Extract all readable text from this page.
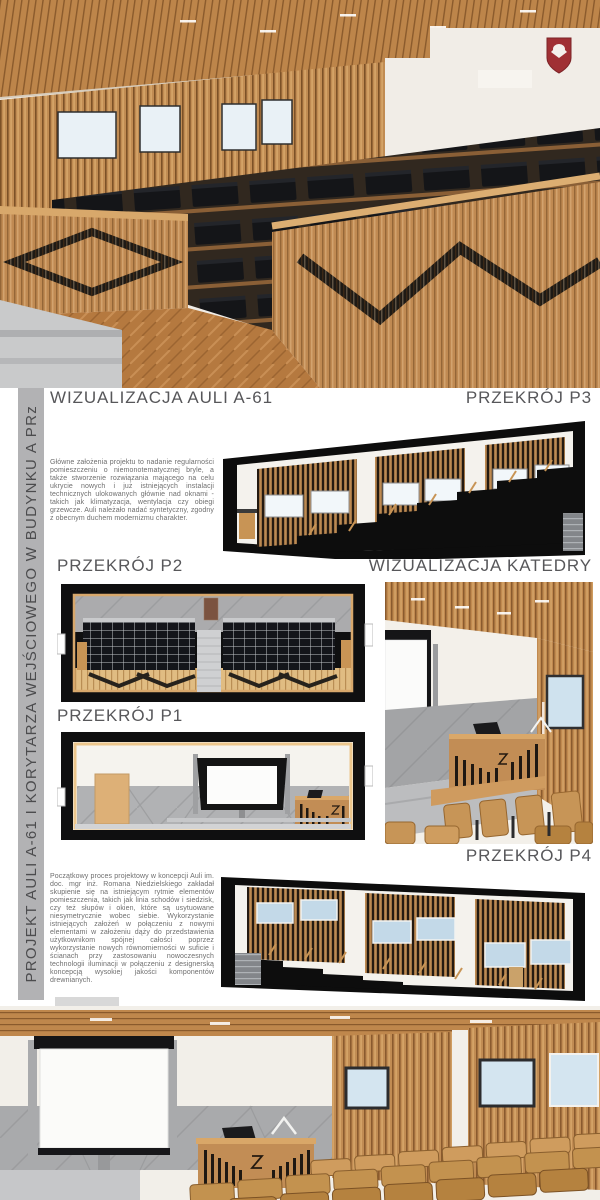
PROJEKT AULI A-61 I KORYTARZA WEJŚCIOWEGO W BUDYNKU A PRz
WIZUALIZACJA AULI A-61	PRZEKRÓJ P3

Główne założenia projektu to nadanie regularności pomieszczeniu o niemonotematycznej bryle, a także stworzenie rozwiązania mającego na celu ukrycie nowych i już istniejących instalacji technicznych ulokowanych głównie nad oknami - takich jak klimatyzacja, wentylacja czy obiegi grzewcze. Auli należało nadać syntetyczny, zgodny z obecnym duchem modernizmu charakter.

PRZEKRÓJ P2	WIZUALIZACJA KATEDRY
PRZEKRÓJ P1

Początkowy proces projektowy w koncepcji Auli im. doc. mgr inż. Romana Niedzielskiego zakładał skupienie się na istniejącym rytmie elementów pomieszczenia, takich jak linia schodów i siedzisk, czy też słupów i okien, które są usytuowane niesymetrycznie wobec siebie. Wykorzystanie istniejących założeń w połączeniu z nowymi elementami w założeniu dąży do przedstawienia użytkownikom spójnej całości poprzez wykorzystanie nowych równomierności w suficie i ścianach przy zastosowaniu nowoczesnych technologii iluminacji w połączeniu z designerską koncepcją wysokiej jakości komponentów drewnianych.

PRZEKRÓJ P4
